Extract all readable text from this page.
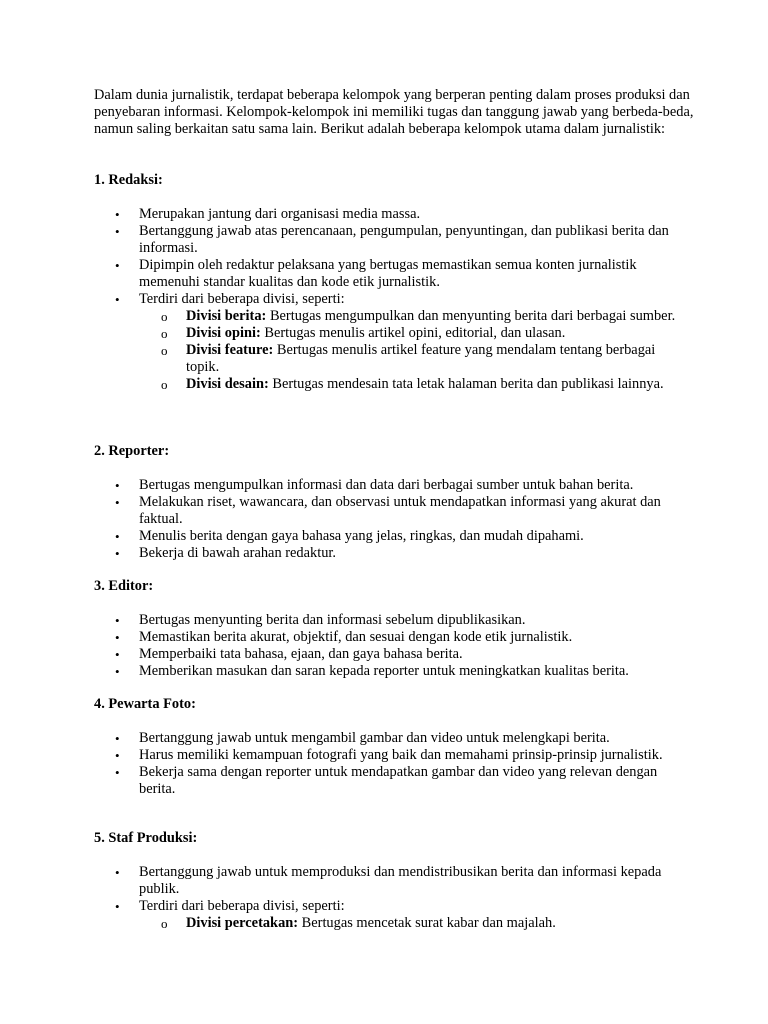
Dalam dunia jurnalistik, terdapat beberapa kelompok yang berperan penting dalam proses produksi dan penyebaran informasi. Kelompok-kelompok ini memiliki tugas dan tanggung jawab yang berbeda-beda, namun saling berkaitan satu sama lain. Berikut adalah beberapa kelompok utama dalam jurnalistik:

1. Redaksi:

• Merupakan jantung dari organisasi media massa.
• Bertanggung jawab atas perencanaan, pengumpulan, penyuntingan, dan publikasi berita dan informasi.
• Dipimpin oleh redaktur pelaksana yang bertugas memastikan semua konten jurnalistik memenuhi standar kualitas dan kode etik jurnalistik.
• Terdiri dari beberapa divisi, seperti:
o Divisi berita: Bertugas mengumpulkan dan menyunting berita dari berbagai sumber.
o Divisi opini: Bertugas menulis artikel opini, editorial, dan ulasan.
o Divisi feature: Bertugas menulis artikel feature yang mendalam tentang berbagai topik.
o Divisi desain: Bertugas mendesain tata letak halaman berita dan publikasi lainnya.

2. Reporter:

• Bertugas mengumpulkan informasi dan data dari berbagai sumber untuk bahan berita.
• Melakukan riset, wawancara, dan observasi untuk mendapatkan informasi yang akurat dan faktual.
• Menulis berita dengan gaya bahasa yang jelas, ringkas, dan mudah dipahami.
• Bekerja di bawah arahan redaktur.

3. Editor:

• Bertugas menyunting berita dan informasi sebelum dipublikasikan.
• Memastikan berita akurat, objektif, dan sesuai dengan kode etik jurnalistik.
• Memperbaiki tata bahasa, ejaan, dan gaya bahasa berita.
• Memberikan masukan dan saran kepada reporter untuk meningkatkan kualitas berita.

4. Pewarta Foto:

• Bertanggung jawab untuk mengambil gambar dan video untuk melengkapi berita.
• Harus memiliki kemampuan fotografi yang baik dan memahami prinsip-prinsip jurnalistik.
• Bekerja sama dengan reporter untuk mendapatkan gambar dan video yang relevan dengan berita.

5. Staf Produksi:

• Bertanggung jawab untuk memproduksi dan mendistribusikan berita dan informasi kepada publik.
• Terdiri dari beberapa divisi, seperti:
o Divisi percetakan: Bertugas mencetak surat kabar dan majalah.
